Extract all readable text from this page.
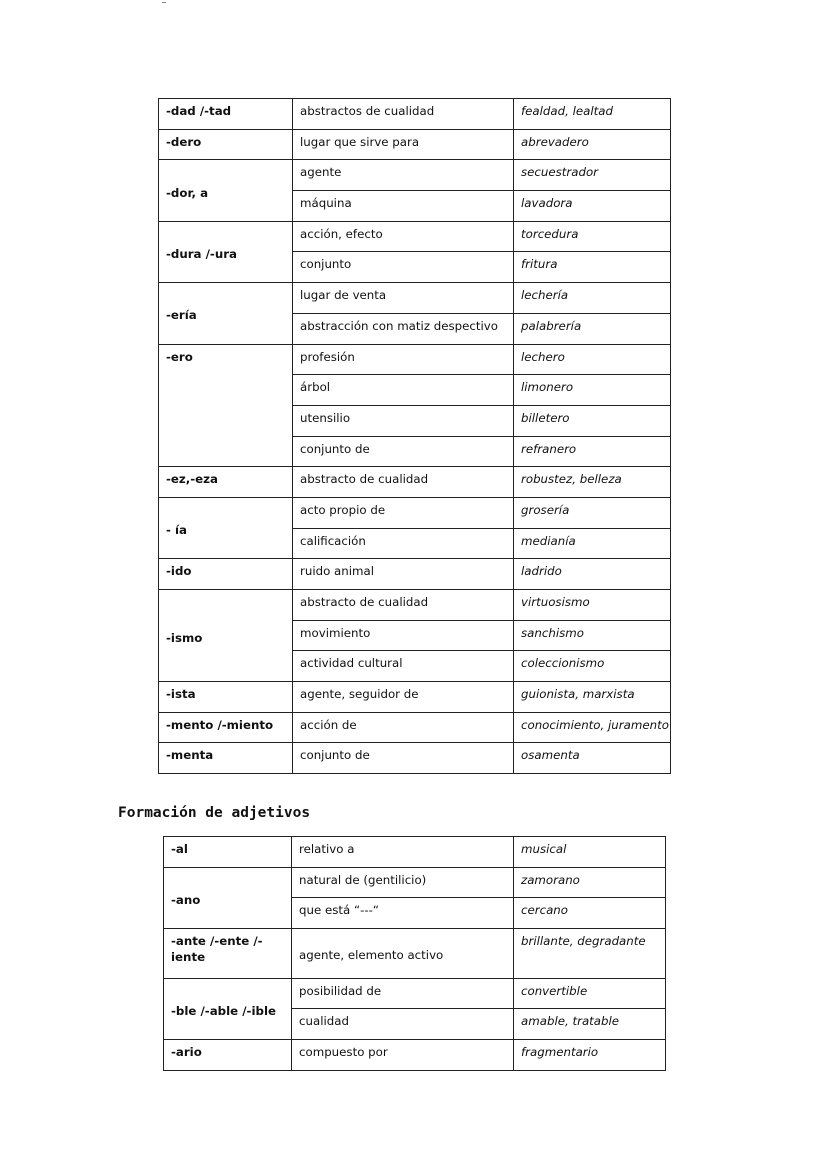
-dad /-tad	abstractos de cualidad	fealdad, lealtad
-dero	lugar que sirve para	abrevadero
-dor, a	agente	secuestrador
	máquina	lavadora
-dura /-ura	acción, efecto	torcedura
	conjunto	fritura
-ería	lugar de venta	lechería
	abstracción con matiz despectivo	palabrería
-ero	profesión	lechero
	árbol	limonero
	utensilio	billetero
	conjunto de	refranero
-ez,-eza	abstracto de cualidad	robustez, belleza
- ía	acto propio de	grosería
	calificación	medianía
-ido	ruido animal	ladrido
-ismo	abstracto de cualidad	virtuosismo
	movimiento	sanchismo
	actividad cultural	coleccionismo
-ista	agente, seguidor de	guionista, marxista
-mento /-miento	acción de	conocimiento, juramento
-menta	conjunto de	osamenta
Formación de adjetivos
-al	relativo a	musical
-ano	natural de (gentilicio)	zamorano
	que está “---“	cercano
-ante /-ente /-iente	agente, elemento activo	brillante, degradante
-ble /-able /-ible	posibilidad de	convertible
	cualidad	amable, tratable
-ario	compuesto por	fragmentario
